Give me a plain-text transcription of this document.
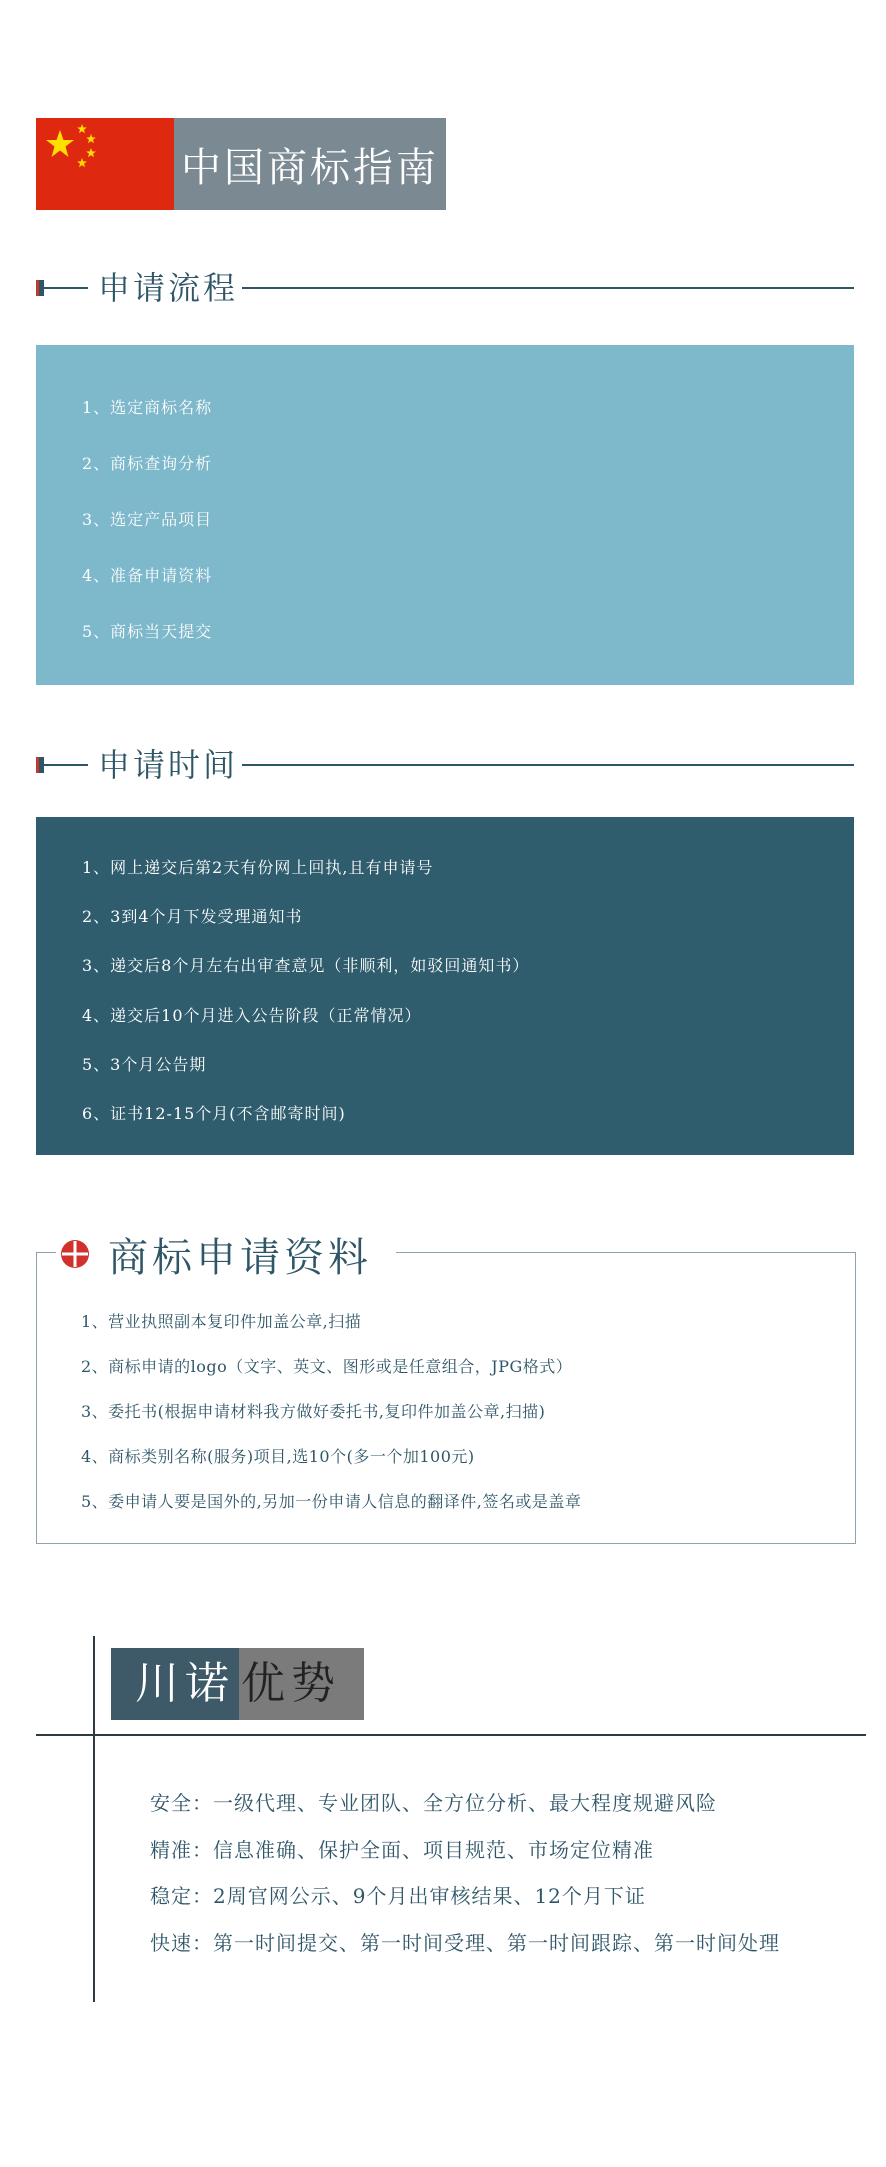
中国商标指南
申请流程
1、选定商标名称
2、商标查询分析
3、选定产品项目
4、准备申请资料
5、商标当天提交
申请时间
1、网上递交后第2天有份网上回执,且有申请号
2、3到4个月下发受理通知书
3、递交后8个月左右出审查意见（非顺利，如驳回通知书）
4、递交后10个月进入公告阶段（正常情况）
5、3个月公告期
6、证书12-15个月(不含邮寄时间)
1、营业执照副本复印件加盖公章,扫描
2、商标申请的logo（文字、英文、图形或是任意组合，JPG格式）
3、委托书(根据申请材料我方做好委托书,复印件加盖公章,扫描)
4、商标类别名称(服务)项目,选10个(多一个加100元)
5、委申请人要是国外的,另加一份申请人信息的翻译件,签名或是盖章
商标申请资料
川诺 优势
安全：一级代理、专业团队、全方位分析、最大程度规避风险
精准：信息准确、保护全面、项目规范、市场定位精准
稳定：2周官网公示、9个月出审核结果、12个月下证
快速：第一时间提交、第一时间受理、第一时间跟踪、第一时间处理
